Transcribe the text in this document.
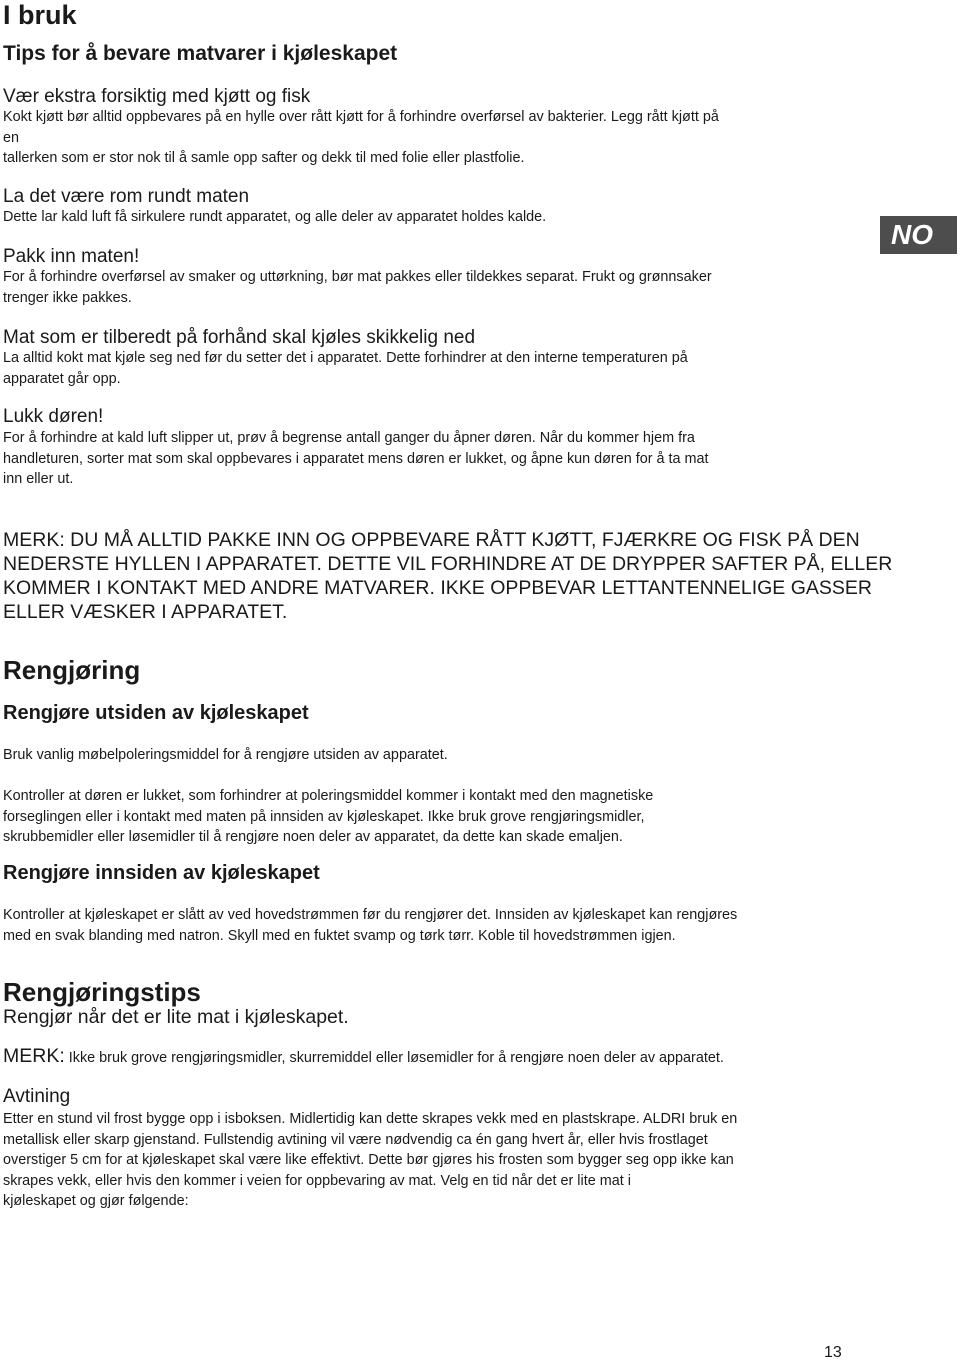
I bruk
Tips for å bevare matvarer i kjøleskapet
Vær ekstra forsiktig med kjøtt og fisk
Kokt kjøtt bør alltid oppbevares på en hylle over rått kjøtt for å forhindre overførsel av bakterier. Legg rått kjøtt på
en
tallerken som er stor nok til å samle opp safter og dekk til med folie eller plastfolie.
La det være rom rundt maten
Dette lar kald luft få sirkulere rundt apparatet, og alle deler av apparatet holdes kalde.
Pakk inn maten!
For å forhindre overførsel av smaker og uttørkning, bør mat pakkes eller tildekkes separat. Frukt og grønnsaker
trenger ikke pakkes.
Mat som er tilberedt på forhånd skal kjøles skikkelig ned
La alltid kokt mat kjøle seg ned før du setter det i apparatet. Dette forhindrer at den interne temperaturen på
apparatet går opp.
Lukk døren!
For å forhindre at kald luft slipper ut, prøv å begrense antall ganger du åpner døren. Når du kommer hjem fra
handleturen, sorter mat som skal oppbevares i apparatet mens døren er lukket, og åpne kun døren for å ta mat
inn eller ut.
MERK: DU MÅ ALLTID PAKKE INN OG OPPBEVARE RÅTT KJØTT, FJÆRKRE OG FISK PÅ DEN
NEDERSTE HYLLEN I APPARATET. DETTE VIL FORHINDRE AT DE DRYPPER SAFTER PÅ, ELLER
KOMMER I KONTAKT MED ANDRE MATVARER. IKKE OPPBEVAR LETTANTENNELIGE GASSER
ELLER VÆSKER I APPARATET.
Rengjøring
Rengjøre utsiden av kjøleskapet
Bruk vanlig møbelpoleringsmiddel for å rengjøre utsiden av apparatet.
Kontroller at døren er lukket, som forhindrer at poleringsmiddel kommer i kontakt med den magnetiske
forseglingen eller i kontakt med maten på innsiden av kjøleskapet. Ikke bruk grove rengjøringsmidler,
skrubbemidler eller løsemidler til å rengjøre noen deler av apparatet, da dette kan skade emaljen.
Rengjøre innsiden av kjøleskapet
Kontroller at kjøleskapet er slått av ved hovedstrømmen før du rengjører det. Innsiden av kjøleskapet kan rengjøres
med en svak blanding med natron. Skyll med en fuktet svamp og tørk tørr. Koble til hovedstrømmen igjen.
Rengjøringstips
Rengjør når det er lite mat i kjøleskapet.
MERK: Ikke bruk grove rengjøringsmidler, skurremiddel eller løsemidler for å rengjøre noen deler av apparatet.
Avtining
Etter en stund vil frost bygge opp i isboksen. Midlertidig kan dette skrapes vekk med en plastskrape. ALDRI bruk en
metallisk eller skarp gjenstand. Fullstendig avtining vil være nødvendig ca én gang hvert år, eller hvis frostlaget
overstiger 5 cm for at kjøleskapet skal være like effektivt. Dette bør gjøres his frosten som bygger seg opp ikke kan
skrapes vekk, eller hvis den kommer i veien for oppbevaring av mat. Velg en tid når det er lite mat i
kjøleskapet og gjør følgende:
NO
13
